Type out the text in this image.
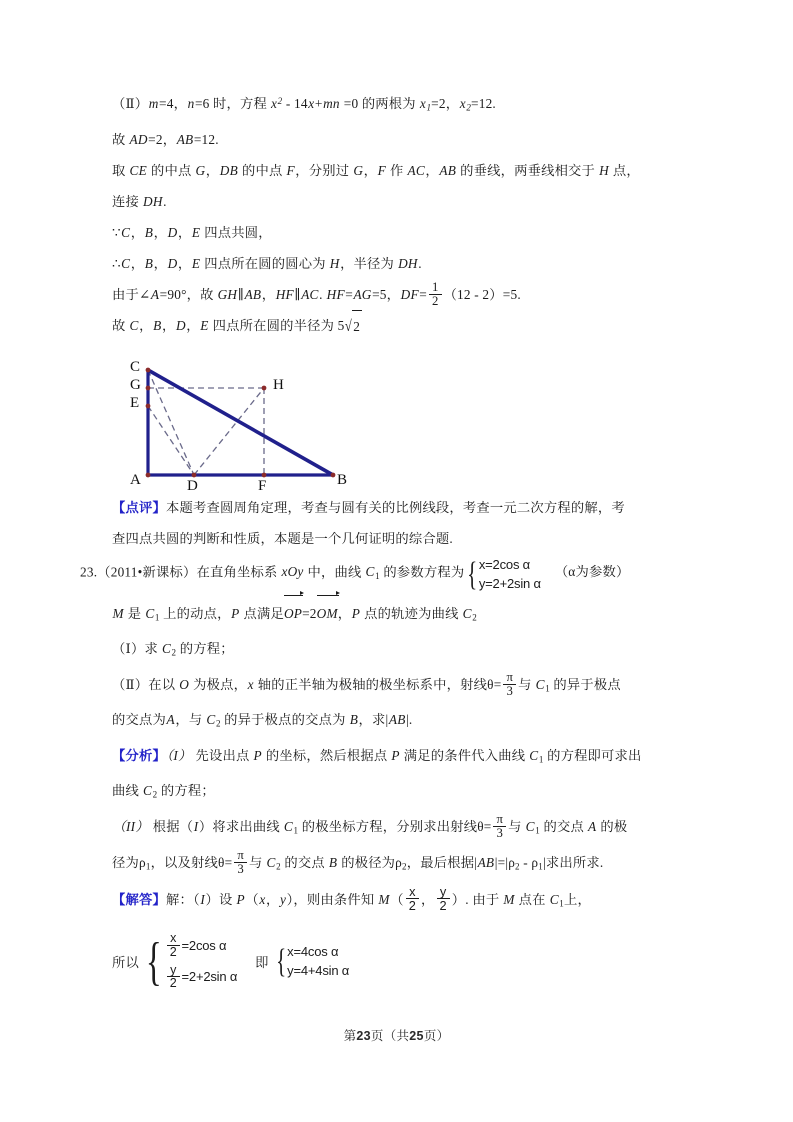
（Ⅱ）m=4，n=6 时，方程 $x^2 - 14x+mn =0$ 的两根为 $x_1=2$，$x_2=12$.
故 AD=2，AB=12.
取 CE 的中点 G，DB 的中点 F，分别过 G，F 作 AC，AB 的垂线，两垂线相交于 H 点，
连接 DH.
∵C，B，D，E 四点共圆，
∴C，B，D，E 四点所在圆的圆心为 H，半径为 DH.
由于∠A=90°，故 GH∥AB，HF∥AC. HF=AG=5，$DF= \frac{1}{2} (12 - 2)=5$.
故 C，B，D，E 四点所在圆的半径为 5√2
【点评】本题考查圆周角定理，考查与圆有关的比例线段，考查一元二次方程的解，考
查四点共圆的判断和性质，本题是一个几何证明的综合题.
23.（2011•新课标）在直角坐标系 xOy 中，曲线 $C_1$ 的参数方程为 { x=2cos α
y=2+2sin α
（α为参数）
M 是 $C_1$ 上的动点，P 点满足OP
=2OM
，P 点的轨迹为曲线 $C_2$
（Ⅰ）求 $C_2$ 的方程；
（Ⅱ）在以 O 为极点，x 轴的正半轴为极轴的极坐标系中，射线$\theta= \frac{\pi}{3}$ 与 $C_1$ 的异于极点
的交点为A，与 $C_2$ 的异于极点的交点为 B，求|AB|.
【分析】（I） 先设出点 P 的坐标，然后根据点 P 满足的条件代入曲线 $C_1$ 的方程即可求出
曲线 $C_2$ 的方程；
（II） 根据（I）将求出曲线 $C_1$ 的极坐标方程，分别求出射线$\theta= \frac{\pi}{3}$ 与 $C_1$ 的交点 A 的极
径为$\rho_1$，以及射线$\theta= \frac{\pi}{3}$ 与 $C_2$ 的交点 B 的极径为$\rho_2$，最后根据$|AB|=|\rho_2 - \rho_1|$求出所求.
【解答】解：（I）设 P（x，y），则由条件知 $M( \frac{x}{2}$ ， $\frac{y}{2}$ ）. 由于 M 点在 $C_1$上，
所以 { $\frac{x}{2} =2\cos$ α
$\frac{y}{2} =2+2\sin$ α
即 { x=4cos α
y=4+4sin α
C
G
E
A	D	F	B
H
第23页（共25页）
